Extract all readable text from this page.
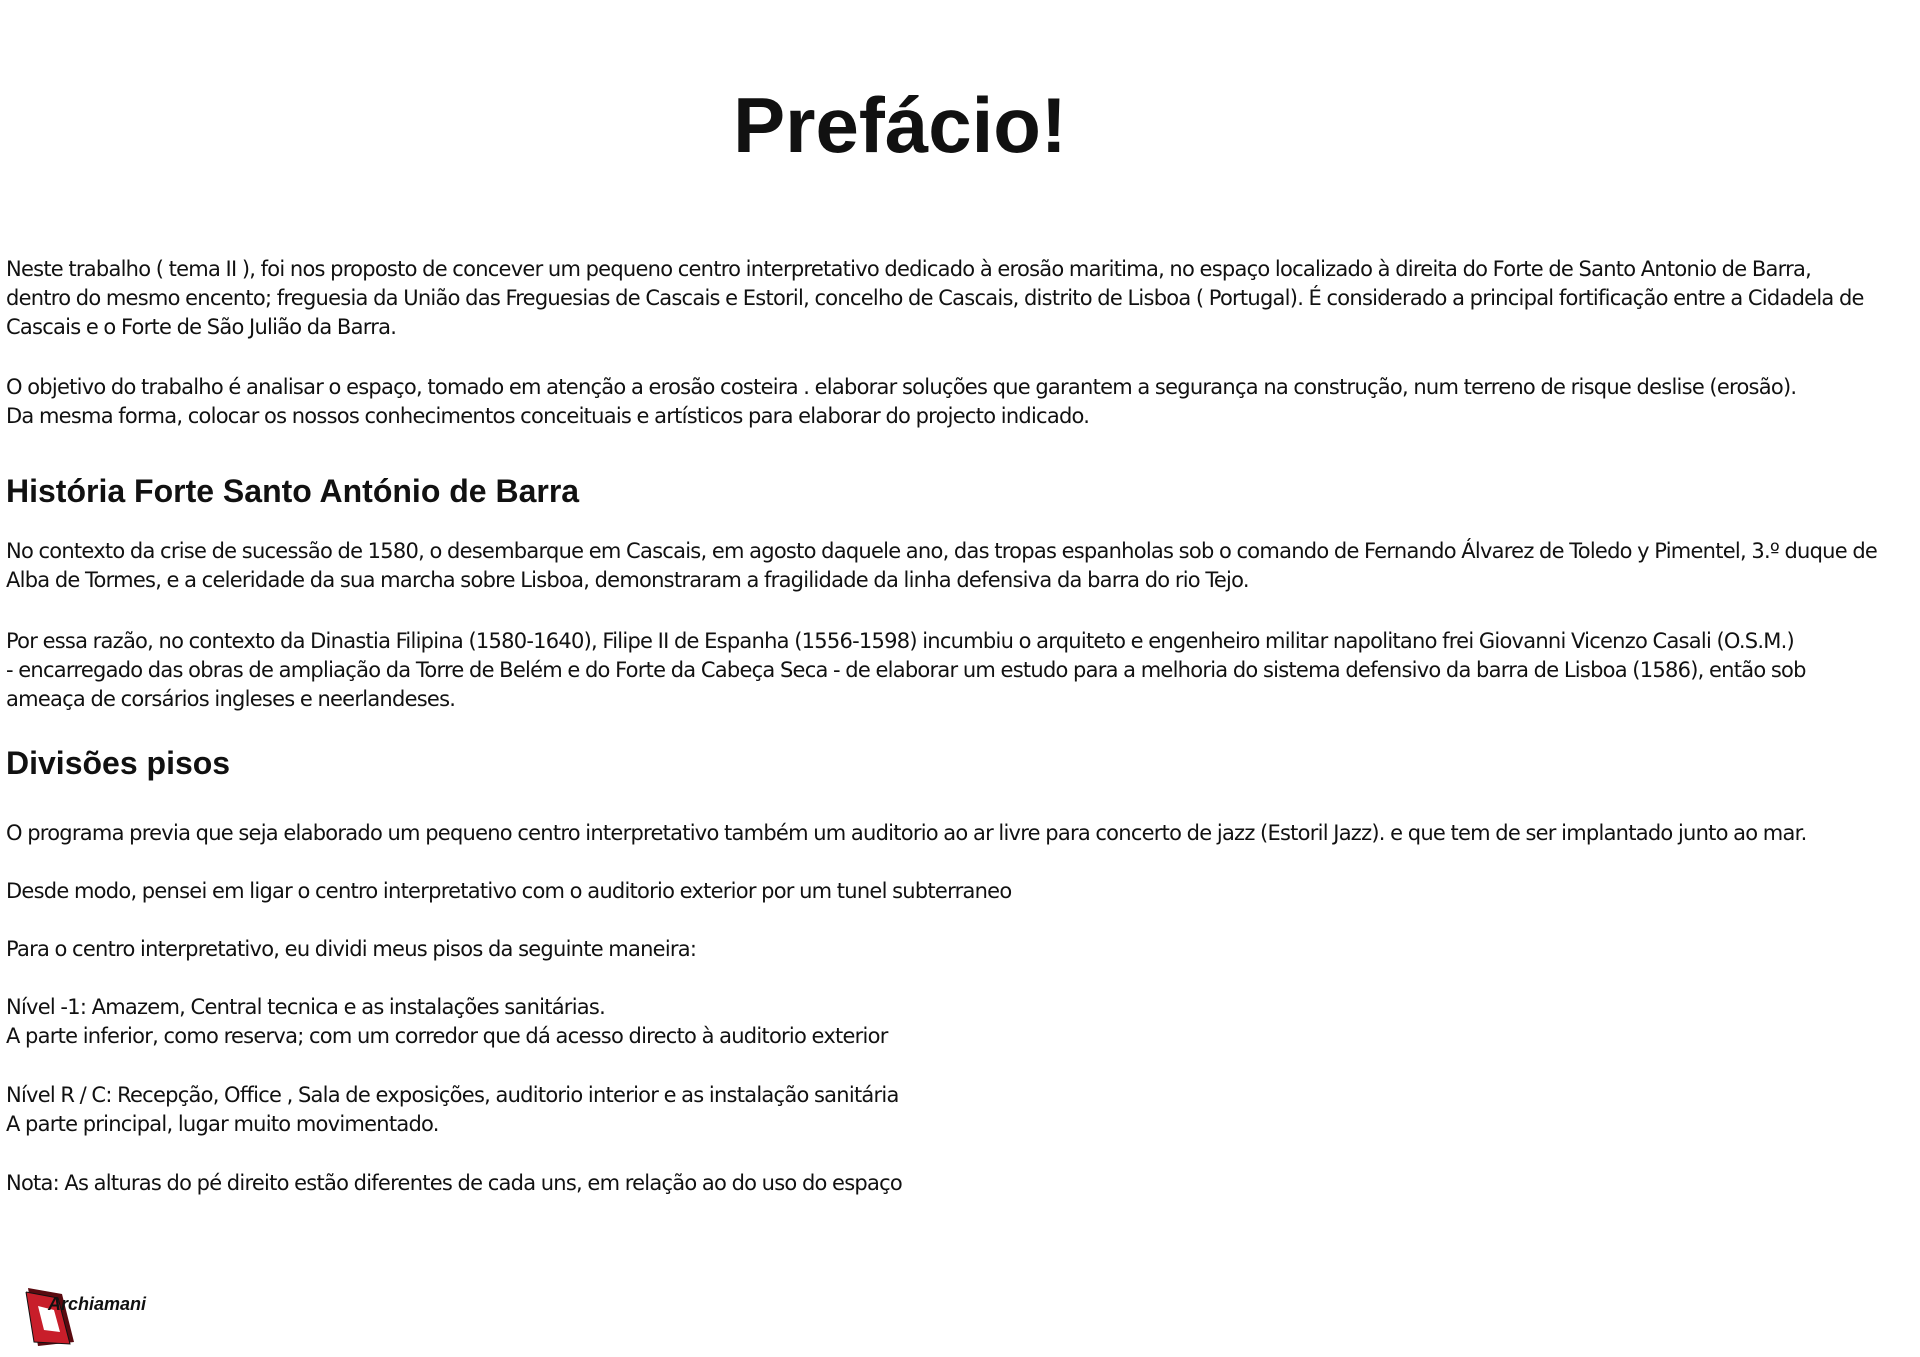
Prefácio!
Neste trabalho ( tema II ), foi nos proposto de concever um pequeno centro interpretativo dedicado à erosão maritima, no espaço localizado à direita do Forte de Santo Antonio de Barra,
dentro do mesmo encento; freguesia da União das Freguesias de Cascais e Estoril, concelho de Cascais, distrito de Lisboa ( Portugal). É considerado a principal fortificação entre a Cidadela de
Cascais e o Forte de São Julião da Barra.
O objetivo do trabalho é analisar o espaço, tomado em atenção a erosão costeira . elaborar soluções que garantem a segurança na construção, num terreno de risque deslise (erosão).
Da mesma forma, colocar os nossos conhecimentos conceituais e artísticos para elaborar do projecto indicado.
História Forte Santo António de Barra
No contexto da crise de sucessão de 1580, o desembarque em Cascais, em agosto daquele ano, das tropas espanholas sob o comando de Fernando Álvarez de Toledo y Pimentel, 3.º duque de
Alba de Tormes, e a celeridade da sua marcha sobre Lisboa, demonstraram a fragilidade da linha defensiva da barra do rio Tejo.
Por essa razão, no contexto da Dinastia Filipina (1580-1640), Filipe II de Espanha (1556-1598) incumbiu o arquiteto e engenheiro militar napolitano frei Giovanni Vicenzo Casali (O.S.M.)
- encarregado das obras de ampliação da Torre de Belém e do Forte da Cabeça Seca - de elaborar um estudo para a melhoria do sistema defensivo da barra de Lisboa (1586), então sob
ameaça de corsários ingleses e neerlandeses.
Divisões pisos
O programa previa que seja elaborado um pequeno centro interpretativo também um auditorio ao ar livre para concerto de jazz (Estoril Jazz). e que tem de ser implantado junto ao mar.
Desde modo, pensei em ligar o centro interpretativo com o auditorio exterior por um tunel subterraneo
Para o centro interpretativo, eu dividi meus pisos da seguinte maneira:
Nível -1: Amazem, Central tecnica e as instalações sanitárias.
A parte inferior, como reserva; com um corredor que dá acesso directo à auditorio exterior
Nível R / C: Recepção, Office , Sala de exposições, auditorio interior e as instalação sanitária
A parte principal, lugar muito movimentado.
Nota: As alturas do pé direito estão diferentes de cada uns, em relação ao do uso do espaço
Archiamani
